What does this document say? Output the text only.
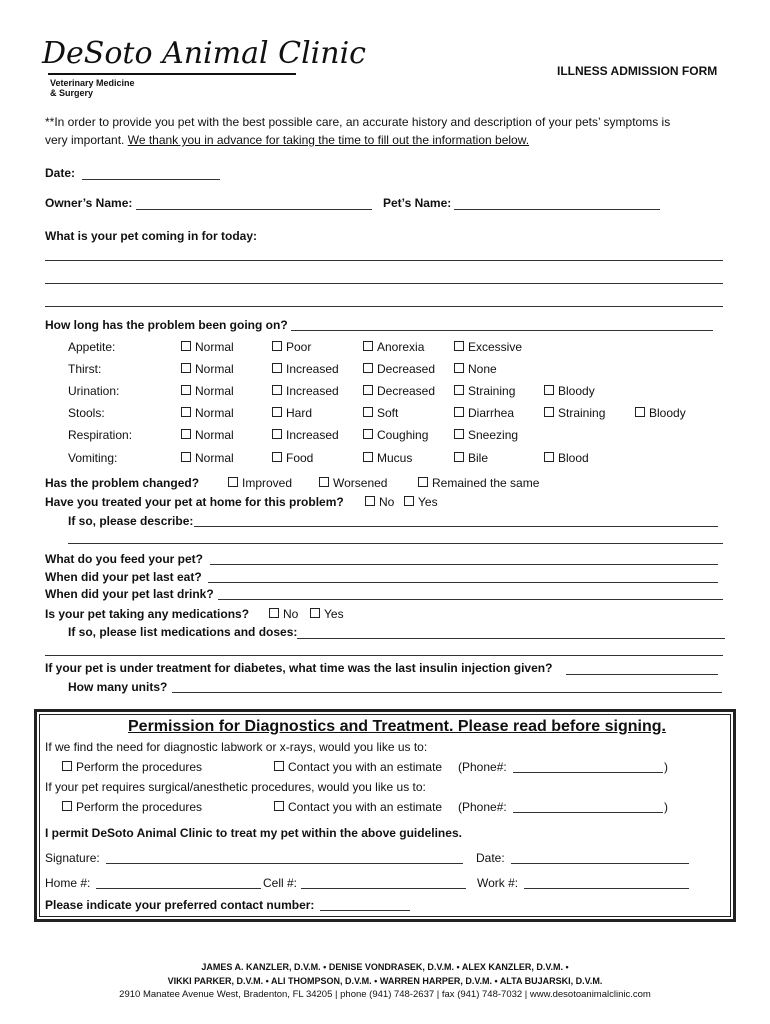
DeSoto Animal Clinic
Veterinary Medicine
& Surgery
ILLNESS ADMISSION FORM
**In order to provide you pet with the best possible care, an accurate history and description of your pets’ symptoms is
very important. We thank you in advance for taking the time to fill out the information below.
Date:
Owner’s Name:	Pet’s Name:
What is your pet coming in for today:
How long has the problem been going on?
Appetite:	Normal	Poor	Anorexia	Excessive
Thirst:	Normal	Increased	Decreased	None
Urination:	Normal	Increased	Decreased	Straining	Bloody
Stools:	Normal	Hard	Soft	Diarrhea	Straining	Bloody
Respiration:	Normal	Increased	Coughing	Sneezing
Vomiting:	Normal	Food	Mucus	Bile	Blood
Has the problem changed?	Improved	Worsened	Remained the same
Have you treated your pet at home for this problem?	No	Yes
If so, please describe:
What do you feed your pet?
When did your pet last eat?
When did your pet last drink?
Is your pet taking any medications?	No	Yes
If so, please list medications and doses:
If your pet is under treatment for diabetes, what time was the last insulin injection given?
How many units?
Permission for Diagnostics and Treatment. Please read before signing.
If we find the need for diagnostic labwork or x-rays, would you like us to:
Perform the procedures	Contact you with an estimate (Phone#:	)
If your pet requires surgical/anesthetic procedures, would you like us to:
Perform the procedures	Contact you with an estimate (Phone#:	)
I permit DeSoto Animal Clinic to treat my pet within the above guidelines.
Signature:	Date:
Home #:	Cell #:	Work #:
Please indicate your preferred contact number:
JAMES A. KANZLER, D.V.M. • DENISE VONDRASEK, D.V.M. • ALEX KANZLER, D.V.M. •
VIKKI PARKER, D.V.M. • ALI THOMPSON, D.V.M. • WARREN HARPER, D.V.M. • ALTA BUJARSKI, D.V.M.
2910 Manatee Avenue West, Bradenton, FL 34205 | phone (941) 748-2637 | fax (941) 748-7032 | www.desotoanimalclinic.com
